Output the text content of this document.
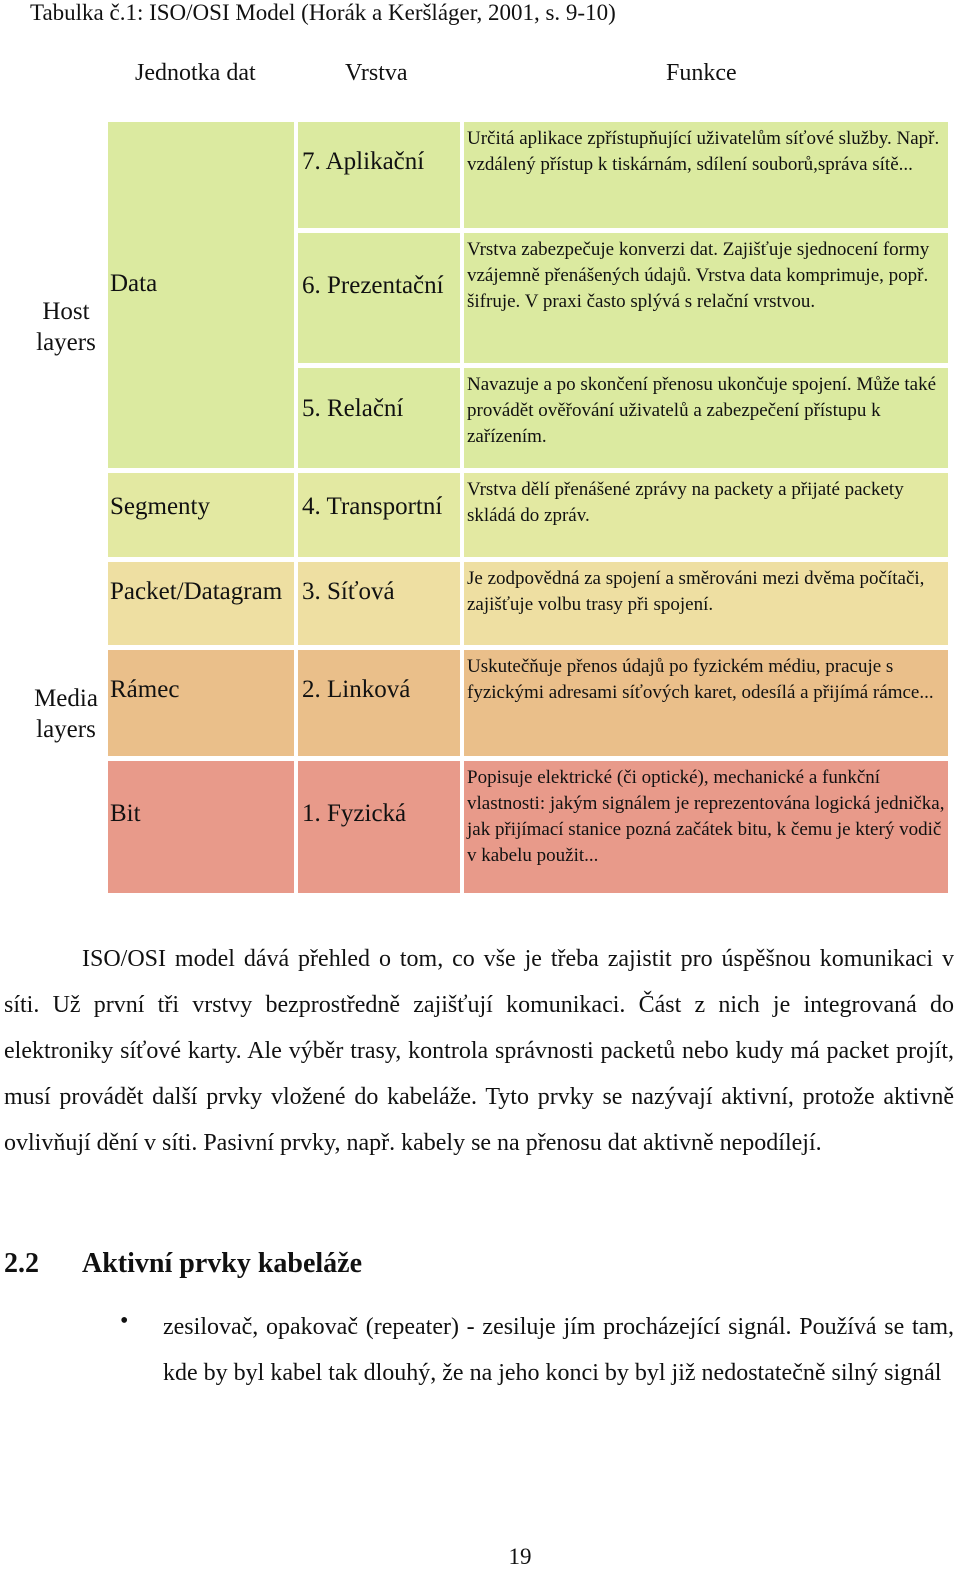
Tabulka č.1: ISO/OSI Model (Horák a Keršláger, 2001, s. 9-10)
Jednotka dat	Vrstva	Funkce
Určitá aplikace zpřístupňující uživatelům síťové služby. Např. vzdálený přístup k tiskárnám, sdílení souborů,správa sítě...
Vrstva zabezpečuje konverzi dat. Zajišťuje sjednocení formy vzájemně přenášených údajů. Vrstva data komprimuje, popř. šifruje. V praxi často splývá s relační vrstvou.
Navazuje a po skončení přenosu ukončuje spojení. Může také provádět ověřování uživatelů a zabezpečení přístupu k zařízením.
Vrstva dělí přenášené zprávy na packety a přijaté packety skládá do zpráv.
Je zodpovědná za spojení a směrováni mezi dvěma počítači, zajišťuje volbu trasy při spojení.
Uskutečňuje přenos údajů po fyzickém médiu, pracuje s fyzickými adresami síťových karet, odesílá a přijímá rámce...
Popisuje elektrické (či optické), mechanické a funkční vlastnosti: jakým signálem je reprezentována logická jednička, jak přijímací stanice pozná začátek bitu, k čemu je který vodič v kabelu použit...
Data
Segmenty
Packet/Datagram
Rámec
Bit
7. Aplikační
6. Prezentační
5. Relační
4. Transportní
3. Síťová
2. Linková
1. Fyzická
Host
layers
Media
layers
ISO/OSI model dává přehled o tom, co vše je třeba zajistit pro úspěšnou komunikaci v síti. Už první tři vrstvy bezprostředně zajišťují komunikaci. Část z nich je integrovaná do elektroniky síťové karty. Ale výběr trasy, kontrola správnosti packetů nebo kudy má packet projít, musí provádět další prvky vložené do kabeláže. Tyto prvky se nazývají aktivní, protože aktivně ovlivňují dění v síti. Pasivní prvky, např. kabely se na přenosu dat aktivně nepodílejí.
2.2 Aktivní prvky kabeláže
• zesilovač, opakovač (repeater) - zesiluje jím procházející signál. Používá se tam, kde by byl kabel tak dlouhý, že na jeho konci by byl již nedostatečně silný signál
19
